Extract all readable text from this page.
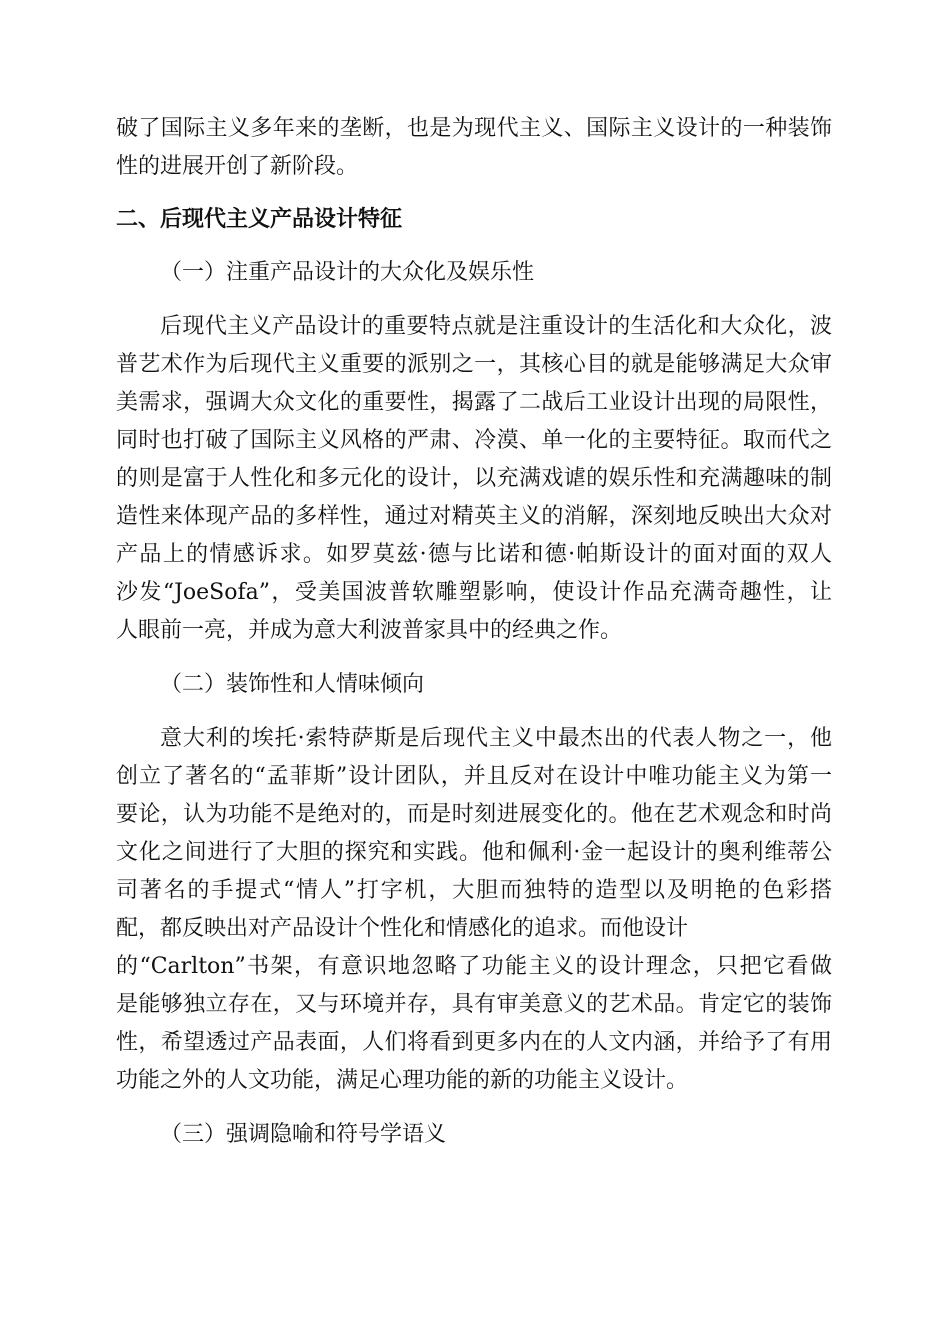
破了国际主义多年来的垄断，也是为现代主义、国际主义设计的一种装饰
性的进展开创了新阶段。
二、后现代主义产品设计特征
（一）注重产品设计的大众化及娱乐性
后现代主义产品设计的重要特点就是注重设计的生活化和大众化，波
普艺术作为后现代主义重要的派别之一，其核心目的就是能够满足大众审
美需求，强调大众文化的重要性，揭露了二战后工业设计出现的局限性，
同时也打破了国际主义风格的严肃、冷漠、单一化的主要特征。取而代之
的则是富于人性化和多元化的设计，以充满戏谑的娱乐性和充满趣味的制
造性来体现产品的多样性，通过对精英主义的消解，深刻地反映出大众对
产品上的情感诉求。如罗莫兹·德与比诺和德·帕斯设计的面对面的双人
沙发“JoeSofa”，受美国波普软雕塑影响，使设计作品充满奇趣性，让
人眼前一亮，并成为意大利波普家具中的经典之作。
（二）装饰性和人情味倾向
意大利的埃托·索特萨斯是后现代主义中最杰出的代表人物之一，他
创立了著名的“孟菲斯”设计团队，并且反对在设计中唯功能主义为第一
要论，认为功能不是绝对的，而是时刻进展变化的。他在艺术观念和时尚
文化之间进行了大胆的探究和实践。他和佩利·金一起设计的奥利维蒂公
司著名的手提式“情人”打字机，大胆而独特的造型以及明艳的色彩搭
配，都反映出对产品设计个性化和情感化的追求。而他设计
的“Carlton”书架，有意识地忽略了功能主义的设计理念，只把它看做
是能够独立存在，又与环境并存，具有审美意义的艺术品。肯定它的装饰
性，希望透过产品表面，人们将看到更多内在的人文内涵，并给予了有用
功能之外的人文功能，满足心理功能的新的功能主义设计。
（三）强调隐喻和符号学语义
